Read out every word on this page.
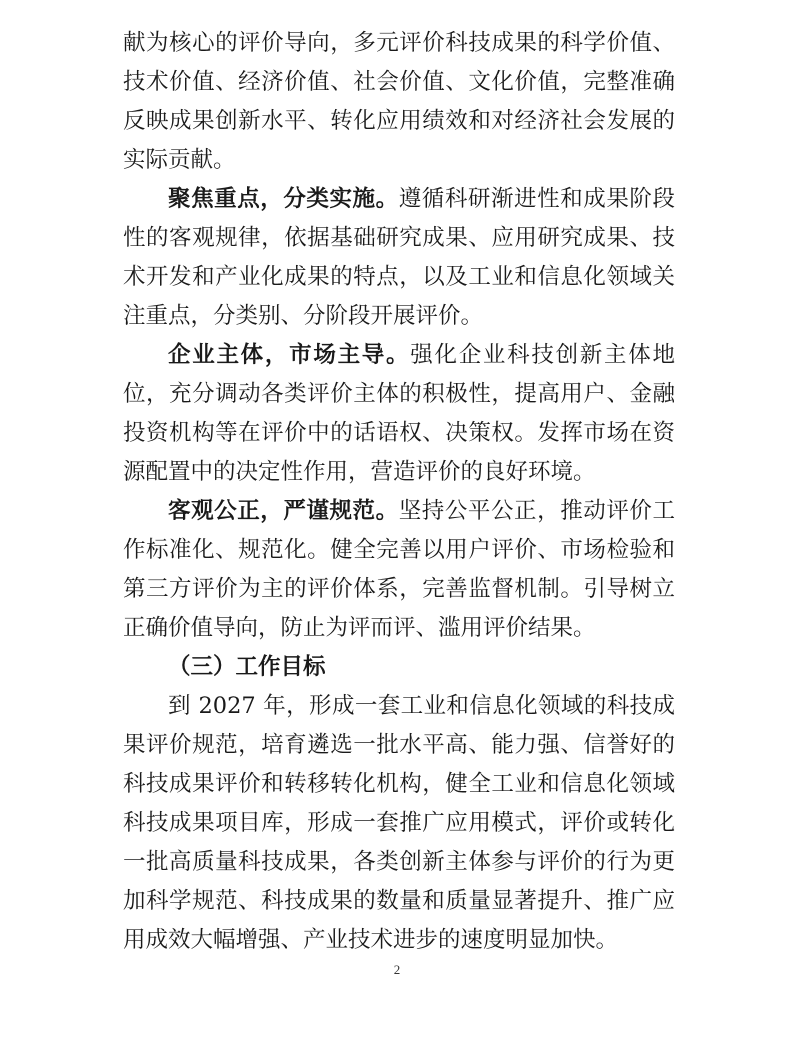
献为核心的评价导向，多元评价科技成果的科学价值、技术价值、经济价值、社会价值、文化价值，完整准确反映成果创新水平、转化应用绩效和对经济社会发展的实际贡献。

聚焦重点，分类实施。遵循科研渐进性和成果阶段性的客观规律，依据基础研究成果、应用研究成果、技术开发和产业化成果的特点，以及工业和信息化领域关注重点，分类别、分阶段开展评价。

企业主体，市场主导。强化企业科技创新主体地位，充分调动各类评价主体的积极性，提高用户、金融投资机构等在评价中的话语权、决策权。发挥市场在资源配置中的决定性作用，营造评价的良好环境。

客观公正，严谨规范。坚持公平公正，推动评价工作标准化、规范化。健全完善以用户评价、市场检验和第三方评价为主的评价体系，完善监督机制。引导树立正确价值导向，防止为评而评、滥用评价结果。

（三）工作目标

到 2027 年，形成一套工业和信息化领域的科技成果评价规范，培育遴选一批水平高、能力强、信誉好的科技成果评价和转移转化机构，健全工业和信息化领域科技成果项目库，形成一套推广应用模式，评价或转化一批高质量科技成果，各类创新主体参与评价的行为更加科学规范、科技成果的数量和质量显著提升、推广应用成效大幅增强、产业技术进步的速度明显加快。

2
